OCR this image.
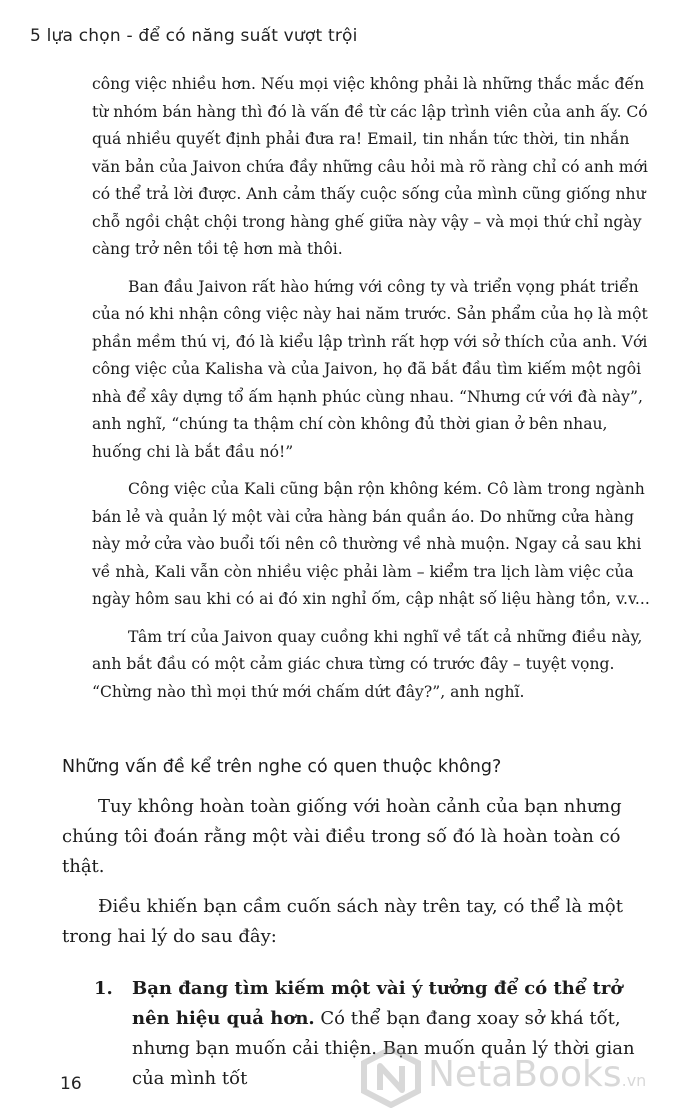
5 lựa chọn - để có năng suất vượt trội

công việc nhiều hơn. Nếu mọi việc không phải là những thắc mắc đến từ nhóm bán hàng thì đó là vấn đề từ các lập trình viên của anh ấy. Có quá nhiều quyết định phải đưa ra! Email, tin nhắn tức thời, tin nhắn văn bản của Jaivon chứa đầy những câu hỏi mà rõ ràng chỉ có anh mới có thể trả lời được. Anh cảm thấy cuộc sống của mình cũng giống như chỗ ngồi chật chội trong hàng ghế giữa này vậy – và mọi thứ chỉ ngày càng trở nên tồi tệ hơn mà thôi.

Ban đầu Jaivon rất hào hứng với công ty và triển vọng phát triển của nó khi nhận công việc này hai năm trước. Sản phẩm của họ là một phần mềm thú vị, đó là kiểu lập trình rất hợp với sở thích của anh. Với công việc của Kalisha và của Jaivon, họ đã bắt đầu tìm kiếm một ngôi nhà để xây dựng tổ ấm hạnh phúc cùng nhau. “Nhưng cứ với đà này”, anh nghĩ, “chúng ta thậm chí còn không đủ thời gian ở bên nhau, huống chi là bắt đầu nó!”

Công việc của Kali cũng bận rộn không kém. Cô làm trong ngành bán lẻ và quản lý một vài cửa hàng bán quần áo. Do những cửa hàng này mở cửa vào buổi tối nên cô thường về nhà muộn. Ngay cả sau khi về nhà, Kali vẫn còn nhiều việc phải làm – kiểm tra lịch làm việc của ngày hôm sau khi có ai đó xin nghỉ ốm, cập nhật số liệu hàng tồn, v.v...

Tâm trí của Jaivon quay cuồng khi nghĩ về tất cả những điều này, anh bắt đầu có một cảm giác chưa từng có trước đây – tuyệt vọng. “Chừng nào thì mọi thứ mới chấm dứt đây?”, anh nghĩ.

Những vấn đề kể trên nghe có quen thuộc không?

Tuy không hoàn toàn giống với hoàn cảnh của bạn nhưng chúng tôi đoán rằng một vài điều trong số đó là hoàn toàn có thật.

Điều khiến bạn cầm cuốn sách này trên tay, có thể là một trong hai lý do sau đây:

1. Bạn đang tìm kiếm một vài ý tưởng để có thể trở nên hiệu quả hơn. Có thể bạn đang xoay sở khá tốt, nhưng bạn muốn cải thiện. Bạn muốn quản lý thời gian của mình tốt

16	NetaBooks.vn
